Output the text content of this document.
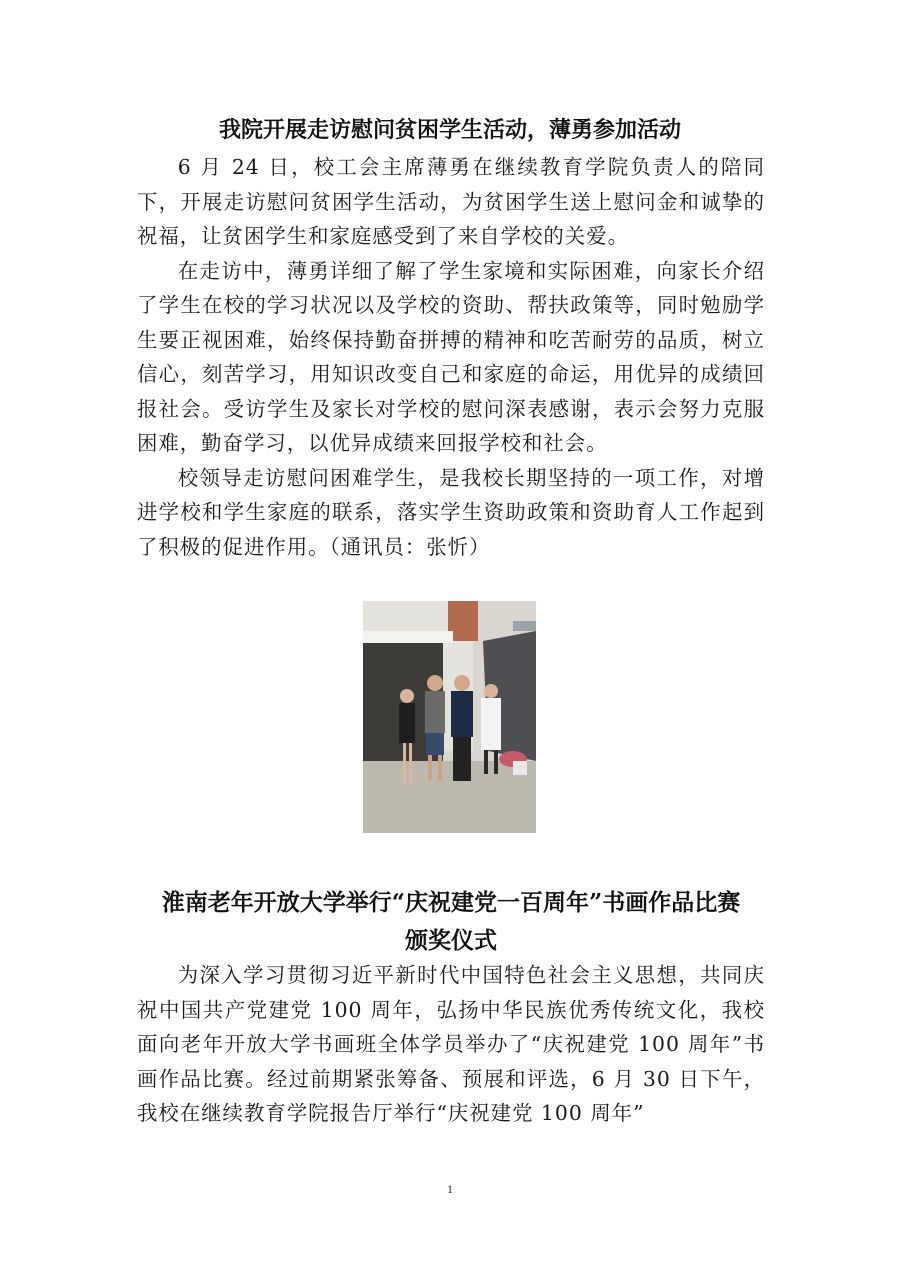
我院开展走访慰问贫困学生活动，薄勇参加活动

6 月 24 日，校工会主席薄勇在继续教育学院负责人的陪同下，开展走访慰问贫困学生活动，为贫困学生送上慰问金和诚挚的祝福，让贫困学生和家庭感受到了来自学校的关爱。

在走访中，薄勇详细了解了学生家境和实际困难，向家长介绍了学生在校的学习状况以及学校的资助、帮扶政策等，同时勉励学生要正视困难，始终保持勤奋拼搏的精神和吃苦耐劳的品质，树立信心，刻苦学习，用知识改变自己和家庭的命运，用优异的成绩回报社会。受访学生及家长对学校的慰问深表感谢，表示会努力克服困难，勤奋学习，以优异成绩来回报学校和社会。

校领导走访慰问困难学生，是我校长期坚持的一项工作，对增进学校和学生家庭的联系，落实学生资助政策和资助育人工作起到了积极的促进作用。（通讯员：张忻）

淮南老年开放大学举行“庆祝建党一百周年”书画作品比赛
颁奖仪式

为深入学习贯彻习近平新时代中国特色社会主义思想，共同庆祝中国共产党建党 100 周年，弘扬中华民族优秀传统文化，我校面向老年开放大学书画班全体学员举办了“庆祝建党 100 周年”书画作品比赛。经过前期紧张筹备、预展和评选，6 月 30 日下午，我校在继续教育学院报告厅举行“庆祝建党 100 周年”

1
